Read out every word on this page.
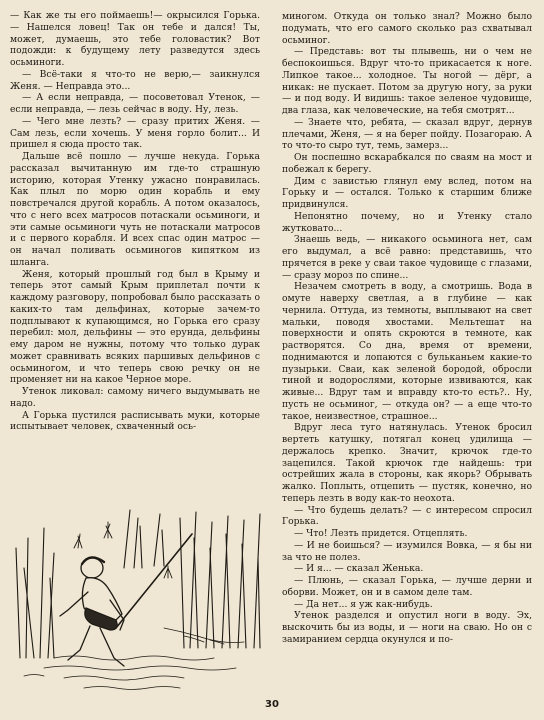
— Как же ты его поймаешь!— окрысился Горька. — Нашелся ловец! Так он тебе и дался! Ты, может, думаешь, это тебе головастик? Вот подожди: к будущему лету разведутся здесь осьминоги.

— Всё-таки я что-то не верю,— заикнулся Женя. — Неправда это...

— А если неправда, — посоветовал Утенок, — если неправда, — лезь сейчас в воду. Ну, лезь.

— Чего мне лезть? — сразу притих Женя. — Сам лезь, если хочешь. У меня горло болит... И пришел я сюда просто так.

Дальше всё пошло — лучше некуда. Горька рассказал вычитанную им где-то страшную историю, которая Утенку ужасно понравилась. Как плыл по морю один корабль и ему повстречался другой корабль. А потом оказалось, что с него всех матросов потаскали осьминоги, и эти самые осьминоги чуть не потаскали матросов и с первого корабля. И всех спас один матрос — он начал поливать осьминогов кипятком из шланга.

Женя, который прошлый год был в Крыму и теперь этот самый Крым приплетал почти к каждому разговору, попробовал было рассказать о каких-то там дельфинах, которые зачем-то подплывают к купающимся, но Горька его сразу перебил: мол, дельфины — это ерунда, дельфины ему даром не нужны, потому что только дурак может сравнивать всяких паршивых дельфинов с осьминогом, и что теперь свою речку он не променяет ни на какое Черное море.

Утенок ликовал: самому ничего выдумывать не надо.

А Горька пустился расписывать муки, которые испытывает человек, схваченный ось-

миногом. Откуда он только знал? Можно было подумать, что его самого сколько раз схватывал осьминог.

— Представь: вот ты плывешь, ни о чем не беспокоишься. Вдруг что-то прикасается к ноге. Липкое такое... холодное. Ты ногой — дёрг, а никак: не пускает. Потом за другую ногу, за руки — и под воду. И видишь: такое зеленое чудовище, два глаза, как человеческие, на тебя смотрят...

— Знаете что, ребята, — сказал вдруг, дернув плечами, Женя, — я на берег пойду. Позагораю. А то что-то сыро тут, темь, замерз...

Он поспешно вскарабкался по сваям на мост и побежал к берегу.

Дим с завистью глянул ему вслед, потом на Горьку и — остался. Только к старшим ближе придвинулся.

Непонятно почему, но и Утенку стало жутковато...

Знаешь ведь, — никакого осьминога нет, сам его выдумал, а всё равно: представишь, что прячется в реке у сваи такое чудовище с глазами, — сразу мороз по спине...

Незачем смотреть в воду, а смотришь. Вода в омуте наверху светлая, а в глубине — как чернила. Оттуда, из темноты, выплывают на свет мальки, поводя хвостами. Мельтешат на поверхности и опять скроются в темноте, как растворятся. Со дна, время от времени, поднимаются и лопаются с бульканьем какие-то пузырьки. Сваи, как зеленой бородой, обросли тиной и водорослями, которые извиваются, как живые... Вдруг там и вправду кто-то есть?.. Ну, пусть не осьминог, — откуда он? — а еще что-то такое, неизвестное, страшное...

Вдруг леса туго натянулась. Утенок бросил вертеть катушку, потягал конец удилища — держалось крепко. Значит, крючок где-то зацепился. Такой крючок где найдешь: три острейших жала в стороны, как якорь? Обрывать жалко. Поплыть, отцепить — пустяк, конечно, но теперь лезть в воду как-то неохота.

— Что будешь делать? — с интересом спросил Горька.

— Что! Лезть придется. Отцеплять.

— И не боишься? — изумился Вовка, — я бы ни за что не полез.

— И я... — сказал Женька.

— Плюнь, — сказал Горька, — лучше дерни и оборви. Может, он и в самом деле там.

— Да нет... я уж как-нибудь.

Утенок разделся и опустил ноги в воду. Эх, выскочить бы из воды, и — ноги на сваю. Но он с замиранием сердца окунулся и по-

30
